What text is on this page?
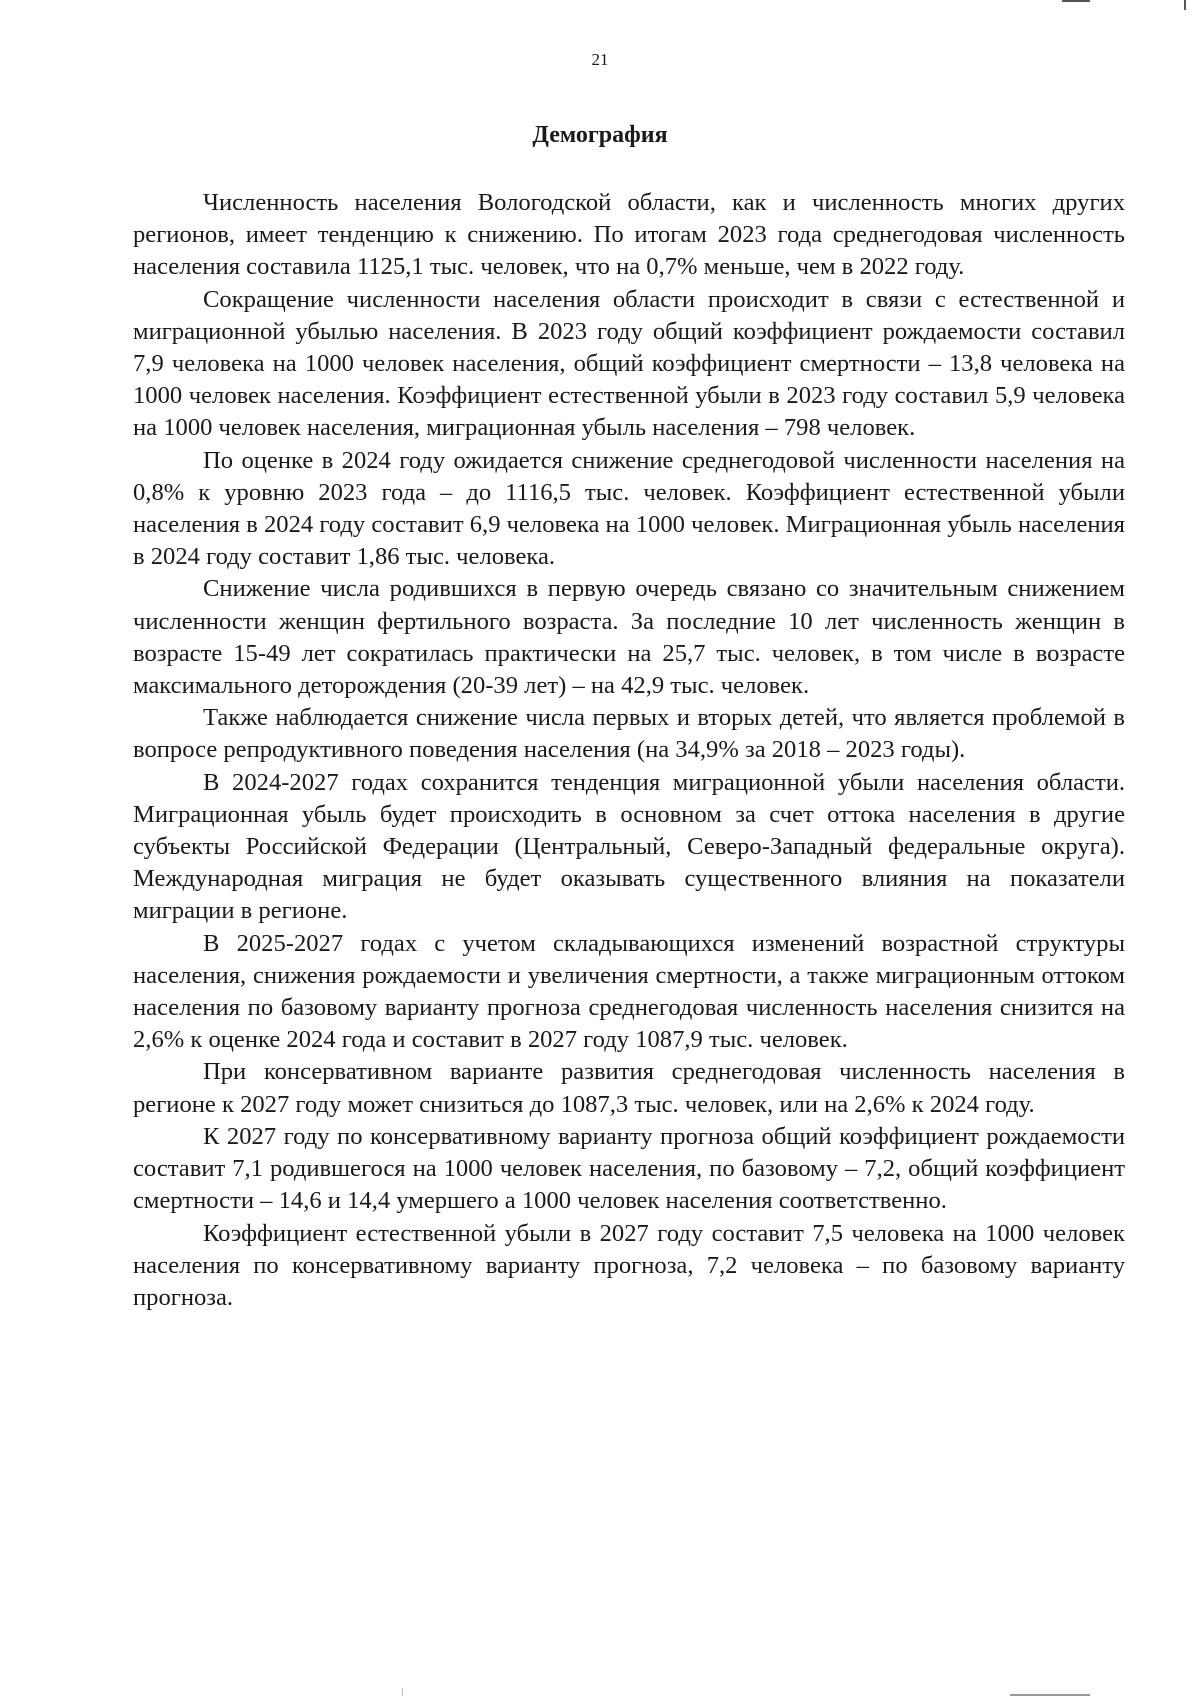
21
Демография

Численность населения Вологодской области, как и численность многих других регионов, имеет тенденцию к снижению. По итогам 2023 года среднегодовая численность населения составила 1125,1 тыс. человек, что на 0,7% меньше, чем в 2022 году.

Сокращение численности населения области происходит в связи с естественной и миграционной убылью населения. В 2023 году общий коэффициент рождаемости составил 7,9 человека на 1000 человек населения, общий коэффициент смертности – 13,8 человека на 1000 человек населения. Коэффициент естественной убыли в 2023 году составил 5,9 человека на 1000 человек населения, миграционная убыль населения – 798 человек.

По оценке в 2024 году ожидается снижение среднегодовой численности населения на 0,8% к уровню 2023 года – до 1116,5 тыс. человек. Коэффициент естественной убыли населения в 2024 году составит 6,9 человека на 1000 человек. Миграционная убыль населения в 2024 году составит 1,86 тыс. человека.

Снижение числа родившихся в первую очередь связано со значительным снижением численности женщин фертильного возраста. За последние 10 лет численность женщин в возрасте 15-49 лет сократилась практически на 25,7 тыс. человек, в том числе в возрасте максимального деторождения (20-39 лет) – на 42,9 тыс. человек.

Также наблюдается снижение числа первых и вторых детей, что является проблемой в вопросе репродуктивного поведения населения (на 34,9% за 2018 – 2023 годы).

В 2024-2027 годах сохранится тенденция миграционной убыли населения области. Миграционная убыль будет происходить в основном за счет оттока населения в другие субъекты Российской Федерации (Центральный, Северо-Западный федеральные округа). Международная миграция не будет оказывать существенного влияния на показатели миграции в регионе.

В 2025-2027 годах с учетом складывающихся изменений возрастной структуры населения, снижения рождаемости и увеличения смертности, а также миграционным оттоком населения по базовому варианту прогноза среднегодовая численность населения снизится на 2,6% к оценке 2024 года и составит в 2027 году 1087,9 тыс. человек.

При консервативном варианте развития среднегодовая численность населения в регионе к 2027 году может снизиться до 1087,3 тыс. человек, или на 2,6% к 2024 году.

К 2027 году по консервативному варианту прогноза общий коэффициент рождаемости составит 7,1 родившегося на 1000 человек населения, по базовому – 7,2, общий коэффициент смертности – 14,6 и 14,4 умершего а 1000 человек населения соответственно.

Коэффициент естественной убыли в 2027 году составит 7,5 человека на 1000 человек населения по консервативному варианту прогноза, 7,2 человека – по базовому варианту прогноза.
